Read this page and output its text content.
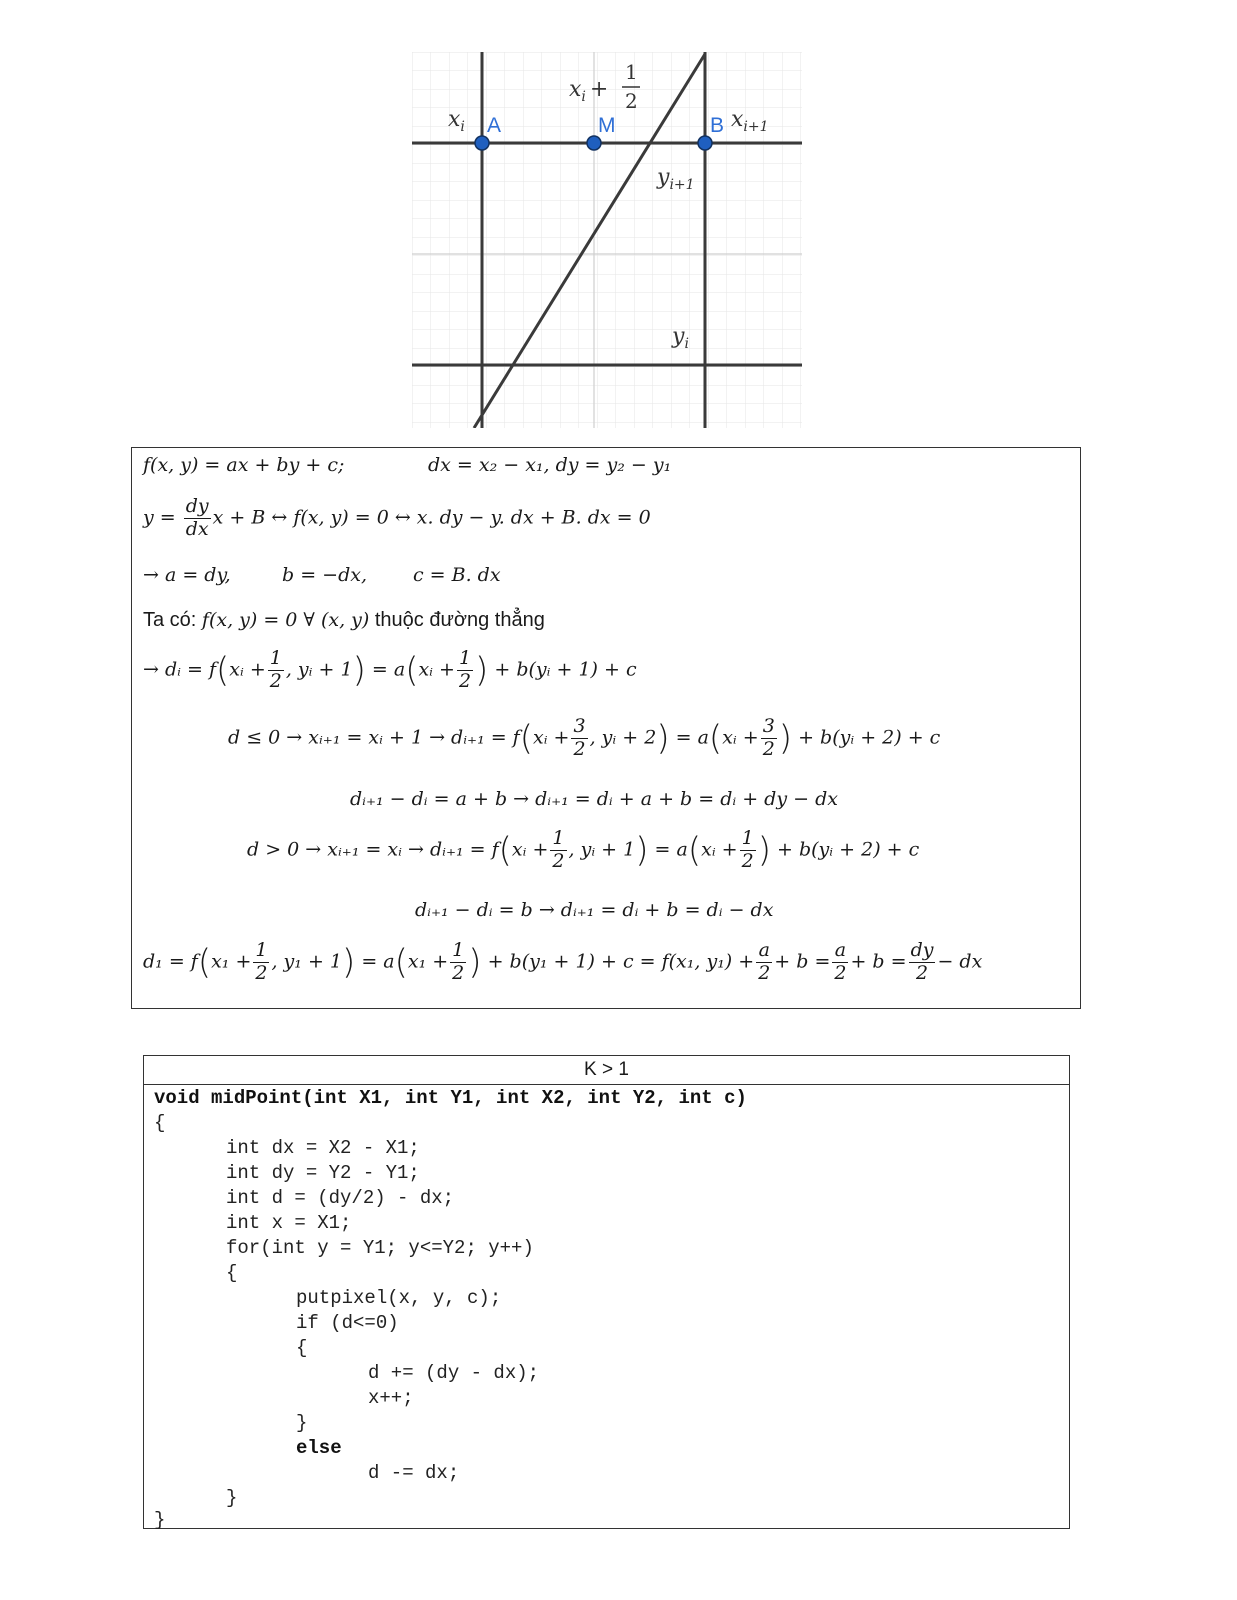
$x_i$ A	M	B
$x_i$ +
1
2
$x_{i+1}$
$y_{i+1}$
$y_i$
f(x, y) = ax + by + c;	dx = x₂ − x₁, dy = y₂ − y₁
$y = \frac{dy}{dx}$ x + B ↔ f(x, y) = 0 ↔ x. dy − y. dx + B. dx = 0
→ a = dy,	b = −dx, c = B. dx
Ta có: f(x, y) = 0 ∀ (x, y) thuộc đường thẳng
→ dᵢ = f(xᵢ + $\frac{1}{2}$ , yᵢ + 1) = a(xᵢ + $\frac{1}{2}$ ) + b(yᵢ + 1) + c
d ≤ 0 → xᵢ₊₁ = xᵢ + 1 → dᵢ₊₁ = f(xᵢ + $\frac{3}{2}$ , yᵢ + 2) = a(xᵢ + $\frac{3}{2}$ ) + b(yᵢ + 2) + c
dᵢ₊₁ − dᵢ = a + b → dᵢ₊₁ = dᵢ + a + b = dᵢ + dy − dx
d > 0 → xᵢ₊₁ = xᵢ → dᵢ₊₁ = f(xᵢ + $\frac{1}{2}$ , yᵢ + 1) = a(xᵢ + $\frac{1}{2}$ ) + b(yᵢ + 2) + c
dᵢ₊₁ − dᵢ = b → dᵢ₊₁ = dᵢ + b = dᵢ − dx
$d_1 = f(x_1 + \frac{1}{2}$ , $y_1 + 1) = a(x_1 + \frac{1}{2}$ ) + b(y₁ + 1) + c = f(x₁, $y_1) + \frac{a}{2} + b = \frac{a}{2} + b = \frac{dy}{2}$ − dx
K > 1
void midPoint(int X1, int Y1, int X2, int Y2, int c)
{
int dx = X2 - X1;
int dy = Y2 - Y1;
int d = (dy/2) - dx;
int x = X1;
for(int y = Y1; y<=Y2; y++)
{
putpixel(x, y, c);
if (d<=0)
{
d += (dy - dx);
x++;
}
else
d -= dx;
}
}
